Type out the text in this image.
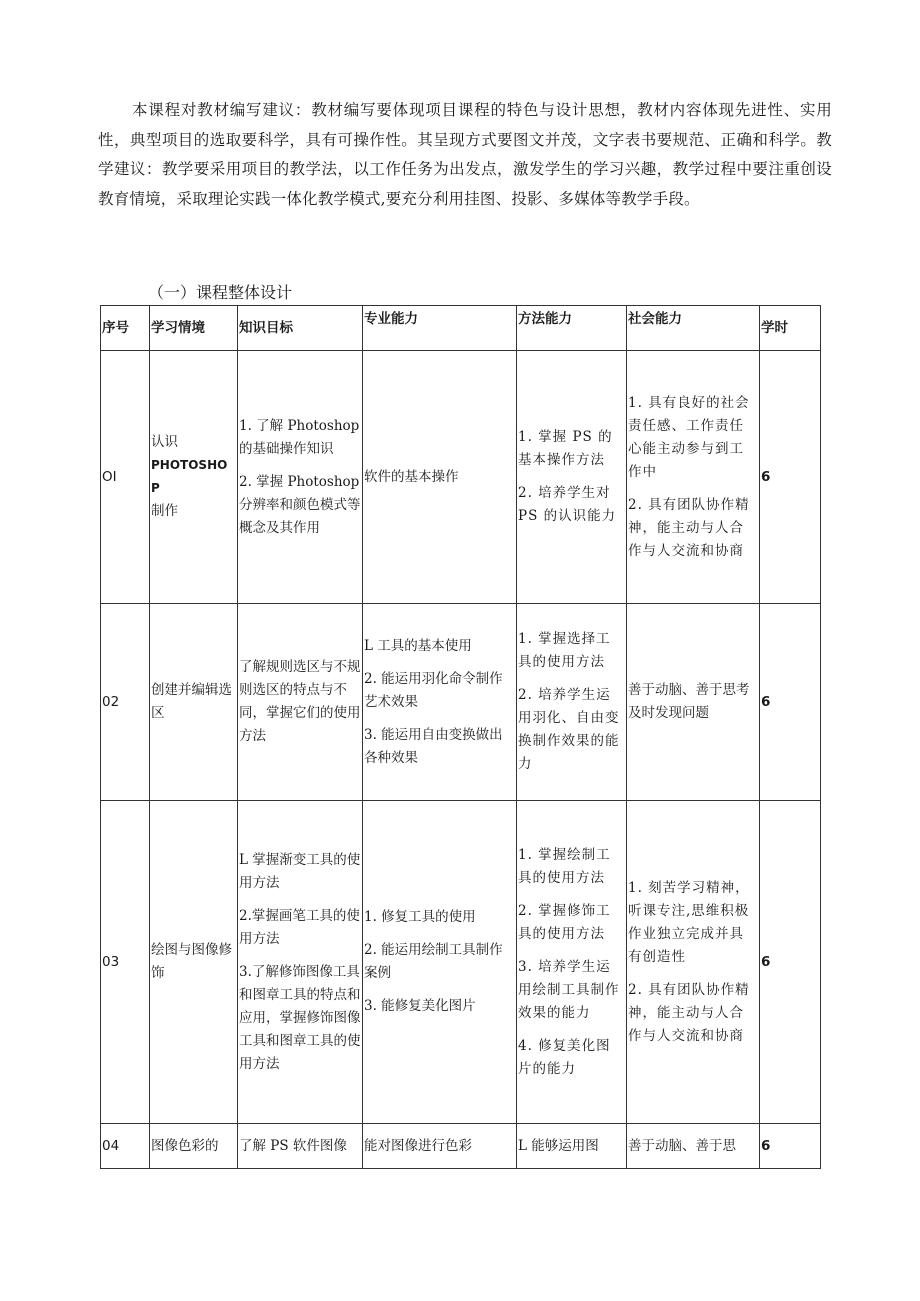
本课程对教材编写建议：教材编写要体现项目课程的特色与设计思想，教材内容体现先进性、实用性，典型项目的选取要科学，具有可操作性。其呈现方式要图文并茂，文字表书要规范、正确和科学。教学建议：教学要采用项目的教学法，以工作任务为出发点，激发学生的学习兴趣，教学过程中要注重创设教育情境，采取理论实践一体化教学模式,要充分利用挂图、投影、多媒体等教学手段。

（一）课程整体设计
序号	学习情境	知识目标	专业能力	方法能力	社会能力	学时
OI	认识
PHOTOSHOP
制作	1. 了解 Photoshop 的基础操作知识
2. 掌握 Photoshop 分辨率和颜色模式等概念及其作用	软件的基本操作	1. 掌握 PS 的基本操作方法
2. 培养学生对 PS 的认识能力	1. 具有良好的社会责任感、工作责任心能主动参与到工作中
2. 具有团队协作精神，能主动与人合作与人交流和协商	6
02	创建并编辑选区	了解规则选区与不规则选区的特点与不同，掌握它们的使用方法	L 工具的基本使用
2. 能运用羽化命令制作艺术效果
3. 能运用自由变换做出各种效果	1. 掌握选择工具的使用方法
2. 培养学生运用羽化、自由变换制作效果的能力	善于动脑、善于思考及时发现问题	6
03	绘图与图像修饰	L 掌握渐变工具的使用方法
2.掌握画笔工具的使用方法
3.了解修饰图像工具和图章工具的特点和应用，掌握修饰图像工具和图章工具的使用方法	1. 修复工具的使用
2. 能运用绘制工具制作案例
3. 能修复美化图片	1. 掌握绘制工具的使用方法
2. 掌握修饰工具的使用方法
3. 培养学生运用绘制工具制作效果的能力
4. 修复美化图片的能力	1. 刻苦学习精神，听课专注,思维积极作业独立完成并具有创造性
2. 具有团队协作精神，能主动与人合作与人交流和协商	6
04	图像色彩的	了解 PS 软件图像	能对图像进行色彩	L 能够运用图	善于动脑、善于思	6
